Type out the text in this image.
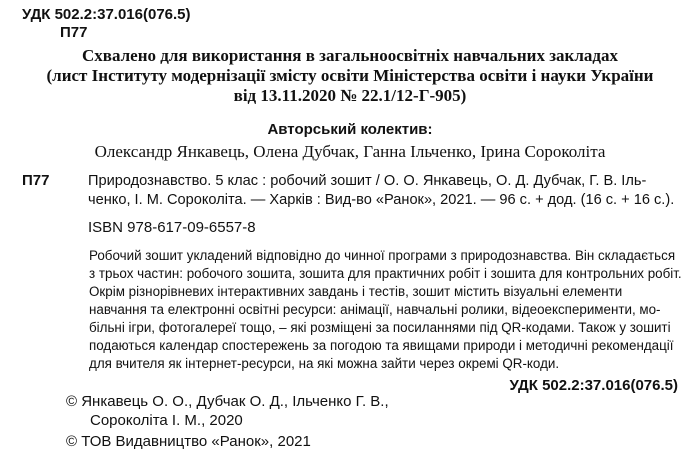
УДК 502.2:37.016(076.5)
П77
Схвалено для використання в загальноосвітніх навчальних закладах
(лист Інституту модернізації змісту освіти Міністерства освіти і науки України
від 13.11.2020 № 22.1/12-Г-905)
Авторський колектив:
Олександр Янкавець, Олена Дубчак, Ганна Ільченко, Ірина Сороколіта
П77	Природознавство. 5 клас : робочий зошит / О. О. Янкавець, О. Д. Дубчак, Г. В. Іль-
ченко, І. М. Сороколіта. — Харків : Вид-во «Ранок», 2021. — 96 с. + дод. (16 с. + 16 с.).
ISBN 978-617-09-6557-8
Робочий зошит укладений відповідно до чинної програми з природознавства. Він складається
з трьох частин: робочого зошита, зошита для практичних робіт і зошита для контрольних робіт.
Окрім різнорівневих інтерактивних завдань і тестів, зошит містить візуальні елементи
навчання та електронні освітні ресурси: анімації, навчальні ролики, відеоексперименти, мо-
більні ігри, фотогалереї тощо, – які розміщені за посиланнями під QR-кодами. Також у зошиті
подаються календар спостережень за погодою та явищами природи і методичні рекомендації
для вчителя як інтернет-ресурси, на які можна зайти через окремі QR-коди.
УДК 502.2:37.016(076.5)
© Янкавець О. О., Дубчак О. Д., Ільченко Г. В.,
Сороколіта І. М., 2020
© ТОВ Видавництво «Ранок», 2021
